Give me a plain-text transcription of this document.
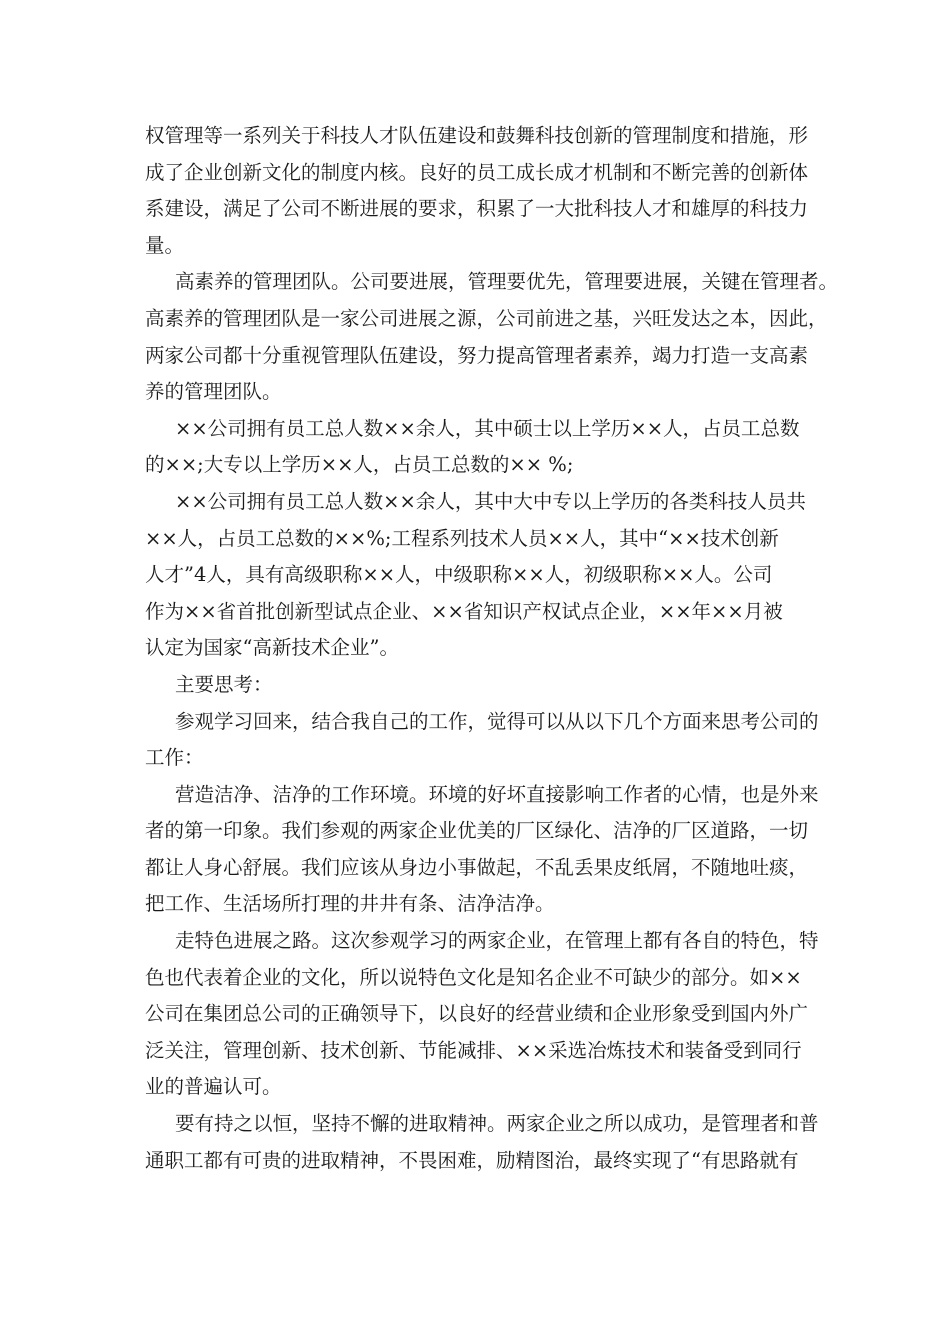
权管理等一系列关于科技人才队伍建设和鼓舞科技创新的管理制度和措施，形

成了企业创新文化的制度内核。良好的员工成长成才机制和不断完善的创新体

系建设，满足了公司不断进展的要求，积累了一大批科技人才和雄厚的科技力

量。

高素养的管理团队。公司要进展，管理要优先，管理要进展，关键在管理者。

高素养的管理团队是一家公司进展之源，公司前进之基，兴旺发达之本，因此，

两家公司都十分重视管理队伍建设，努力提高管理者素养，竭力打造一支高素

养的管理团队。

××公司拥有员工总人数××余人，其中硕士以上学历××人，占员工总数

的××;大专以上学历××人，占员工总数的×× %;

××公司拥有员工总人数××余人，其中大中专以上学历的各类科技人员共

××人，占员工总数的××%;工程系列技术人员××人，其中“××技术创新

人才”4人，具有高级职称××人，中级职称××人，初级职称××人。公司

作为××省首批创新型试点企业、××省知识产权试点企业，××年××月被

认定为国家“高新技术企业”。

主要思考：

参观学习回来，结合我自己的工作，觉得可以从以下几个方面来思考公司的

工作：

营造洁净、洁净的工作环境。环境的好坏直接影响工作者的心情，也是外来

者的第一印象。我们参观的两家企业优美的厂区绿化、洁净的厂区道路，一切

都让人身心舒展。我们应该从身边小事做起，不乱丢果皮纸屑，不随地吐痰，

把工作、生活场所打理的井井有条、洁净洁净。

走特色进展之路。这次参观学习的两家企业，在管理上都有各自的特色，特

色也代表着企业的文化，所以说特色文化是知名企业不可缺少的部分。如××

公司在集团总公司的正确领导下，以良好的经营业绩和企业形象受到国内外广

泛关注，管理创新、技术创新、节能减排、××采选冶炼技术和装备受到同行

业的普遍认可。

要有持之以恒，坚持不懈的进取精神。两家企业之所以成功，是管理者和普

通职工都有可贵的进取精神，不畏困难，励精图治，最终实现了“有思路就有
